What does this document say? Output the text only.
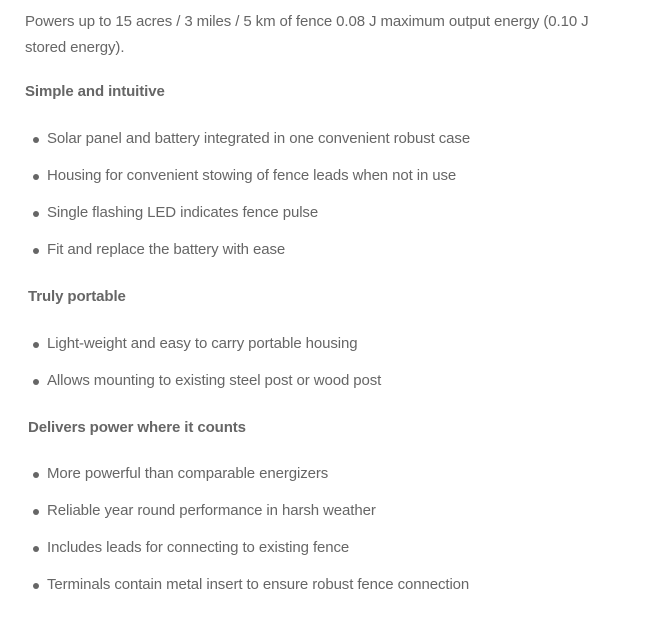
Powers up to 15 acres / 3 miles / 5 km of fence 0.08 J maximum output energy (0.10 J stored energy).

Simple and intuitive
Solar panel and battery integrated in one convenient robust case
Housing for convenient stowing of fence leads when not in use
Single flashing LED indicates fence pulse
Fit and replace the battery with ease
Truly portable
Light-weight and easy to carry portable housing
Allows mounting to existing steel post or wood post
Delivers power where it counts
More powerful than comparable energizers
Reliable year round performance in harsh weather
Includes leads for connecting to existing fence
Terminals contain metal insert to ensure robust fence connection
